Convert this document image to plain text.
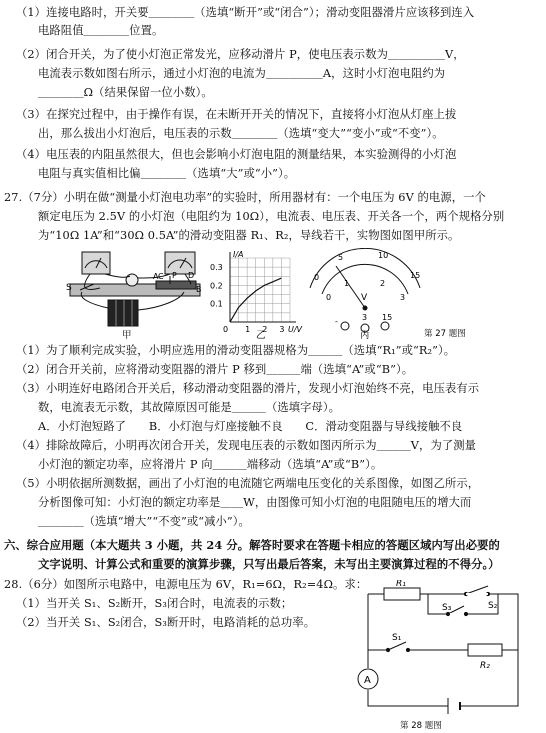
（1）连接电路时，开关要＿＿＿＿（选填“断开”或“闭合”）；滑动变阻器滑片应该移到连入
电路阻值＿＿＿＿位置。
（2）闭合开关，为了使小灯泡正常发光，应移动滑片 P，使电压表示数为＿＿＿＿＿V，
电流表示数如图右所示，通过小灯泡的电流为＿＿＿＿＿A，这时小灯泡电阻约为
＿＿＿＿Ω（结果保留一位小数）。
（3）在探究过程中，由于操作有误，在未断开开关的情况下，直接将小灯泡从灯座上拔
出，那么拔出小灯泡后，电压表的示数＿＿＿＿（选填“变大”“变小”或“不变”）。
（4）电压表的内阻虽然很大，但也会影响小灯泡电阻的测量结果，本实验测得的小灯泡
电阻与真实值相比偏＿＿＿＿（选填“大”或“小”）。
27.（7分）小明在做“测量小灯泡电功率”的实验时，所用器材有：一个电压为 6V 的电源，一个
额定电压为 2.5V 的小灯泡（电阻约为 10Ω），电流表、电压表、开关各一个，两个规格分别
为“10Ω 1A”和“30Ω 0.5A”的滑动变阻器 R₁、R₂，导线若干，实物图如图甲所示。
S
A
B
P
C	D
甲
0.1
0.2
0.3
1 2 3
0
I/A
U/V
乙
0
5	10
15
0
1	2
3
V
-	3 15
丙	第 27 题图
（1）为了顺利完成实验，小明应选用的滑动变阻器规格为＿＿＿（选填“R₁”或“R₂”）。
（2）闭合开关前，应将滑动变阻器的滑片 P 移到＿＿＿端（选填“A”或“B”）。
（3）小明连好电路闭合开关后，移动滑动变阻器的滑片，发现小灯泡始终不亮，电压表有示
数，电流表无示数，其故障原因可能是＿＿＿（选填字母）。
A．小灯泡短路了　　B．小灯泡与灯座接触不良　　C．滑动变阻器与导线接触不良
（4）排除故障后，小明再次闭合开关，发现电压表的示数如图丙所示为＿＿＿V，为了测量
小灯泡的额定功率，应将滑片 P 向＿＿＿端移动（选填“A”或“B”）。
（5）小明依据所测数据，画出了小灯泡的电流随它两端电压变化的关系图像，如图乙所示，
分析图像可知：小灯泡的额定功率是＿＿W，由图像可知小灯泡的电阻随电压的增大而
＿＿＿＿（选填“增大”“不变”或“减小”）。
六、综合应用题（本大题共 3 小题，共 24 分。解答时要求在答题卡相应的答题区域内写出必要的
文字说明、计算公式和重要的演算步骤，只写出最后答案，未写出主要演算过程的不得分。）
28.（6分）如图所示电路中，电源电压为 6V，R₁=6Ω，R₂=4Ω。求：
（1）当开关 S₁、S₂断开，S₃闭合时，电流表的示数；
（2）当开关 S₁、S₂闭合，S₃断开时，电路消耗的总功率。
R₁
R₂
S₁
S₂
S₃
A
第 28 题图
